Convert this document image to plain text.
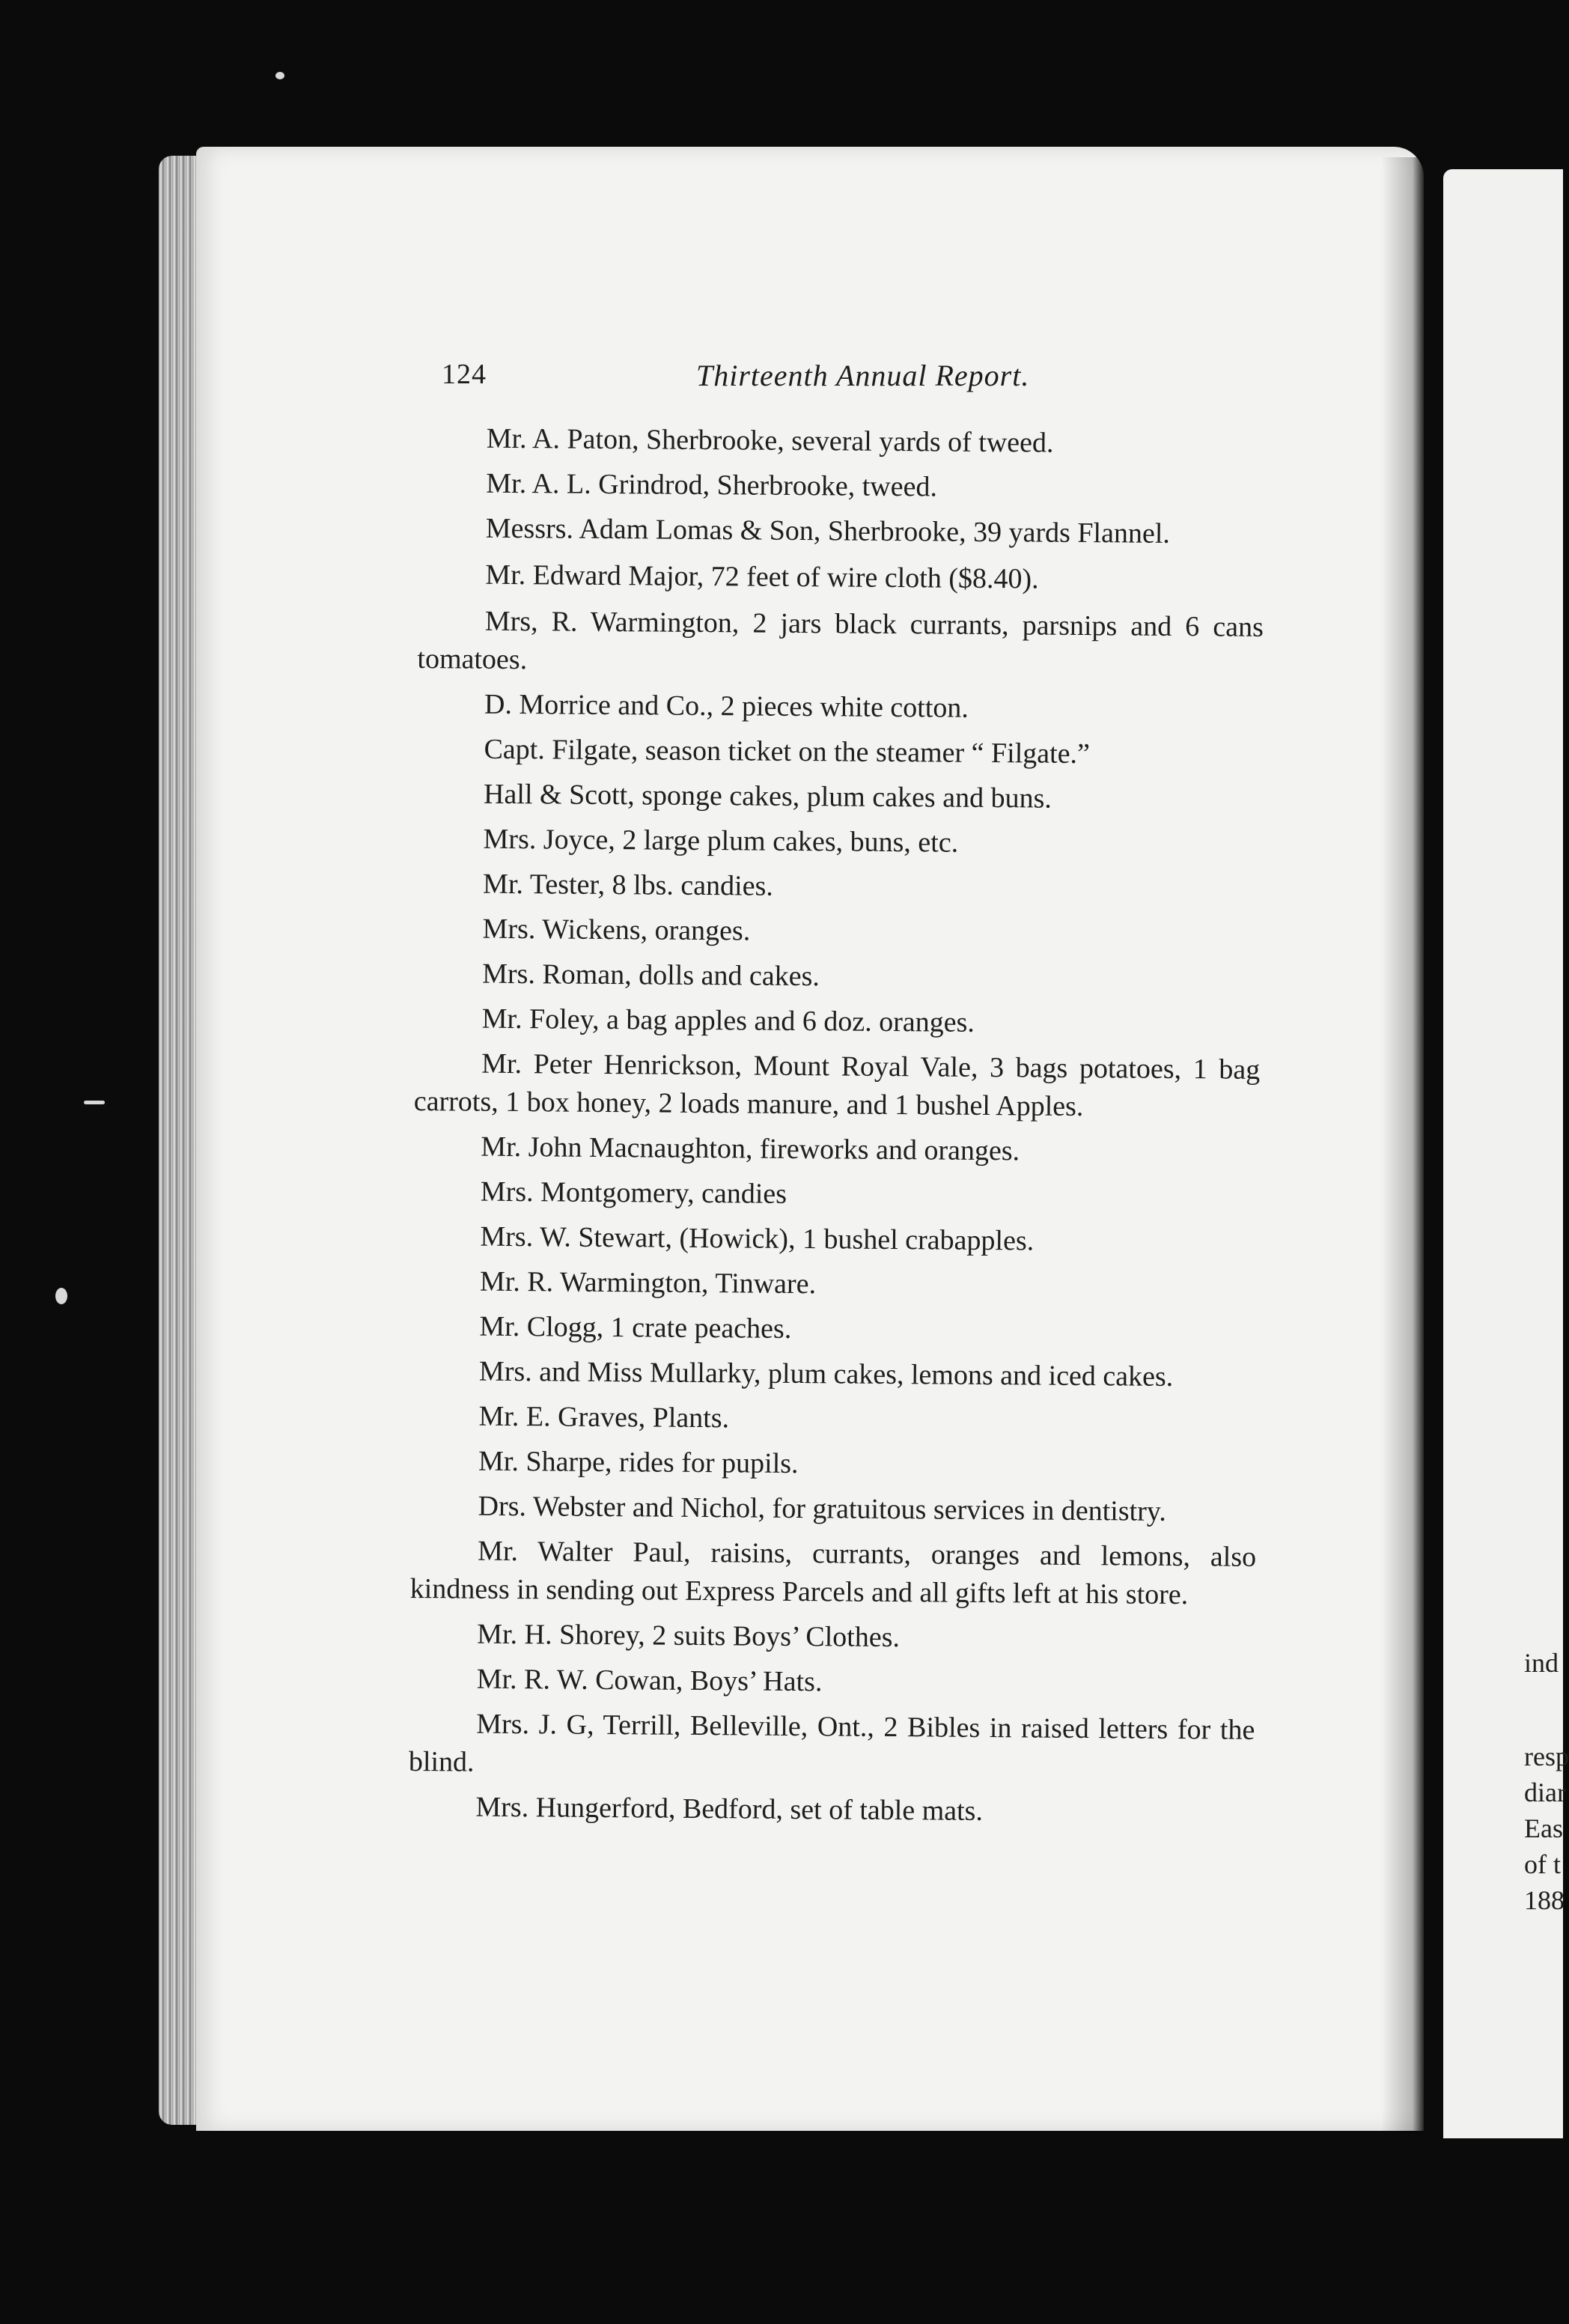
124	Thirteenth Annual Report.

Mr. A. Paton, Sherbrooke, several yards of tweed.

Mr. A. L. Grindrod, Sherbrooke, tweed.

Messrs. Adam Lomas & Son, Sherbrooke, 39 yards Flannel.

Mr. Edward Major, 72 feet of wire cloth ($8.40).

Mrs, R. Warmington, 2 jars black currants, parsnips and 6 cans tomatoes.

D. Morrice and Co., 2 pieces white cotton.

Capt. Filgate, season ticket on the steamer “ Filgate.”

Hall & Scott, sponge cakes, plum cakes and buns.

Mrs. Joyce, 2 large plum cakes, buns, etc.

Mr. Tester, 8 lbs. candies.

Mrs. Wickens, oranges.

Mrs. Roman, dolls and cakes.

Mr. Foley, a bag apples and 6 doz. oranges.

Mr. Peter Henrickson, Mount Royal Vale, 3 bags potatoes, 1 bag carrots, 1 box honey, 2 loads manure, and 1 bushel Apples.

Mr. John Macnaughton, fireworks and oranges.

Mrs. Montgomery, candies

Mrs. W. Stewart, (Howick), 1 bushel crabapples.

Mr. R. Warmington, Tinware.

Mr. Clogg, 1 crate peaches.

Mrs. and Miss Mullarky, plum cakes, lemons and iced cakes.

Mr. E. Graves, Plants.

Mr. Sharpe, rides for pupils.

Drs. Webster and Nichol, for gratuitous services in dentistry.

Mr. Walter Paul, raisins, currants, oranges and lemons, also kindness in sending out Express Parcels and all gifts left at his store.

Mr. H. Shorey, 2 suits Boys’ Clothes.

Mr. R. W. Cowan, Boys’ Hats.

Mrs. J. G, Terrill, Belleville, Ont., 2 Bibles in raised letters for the blind.

Mrs. Hungerford, Bedford, set of table mats.

ind
resp
diar
Eas
of t
188
